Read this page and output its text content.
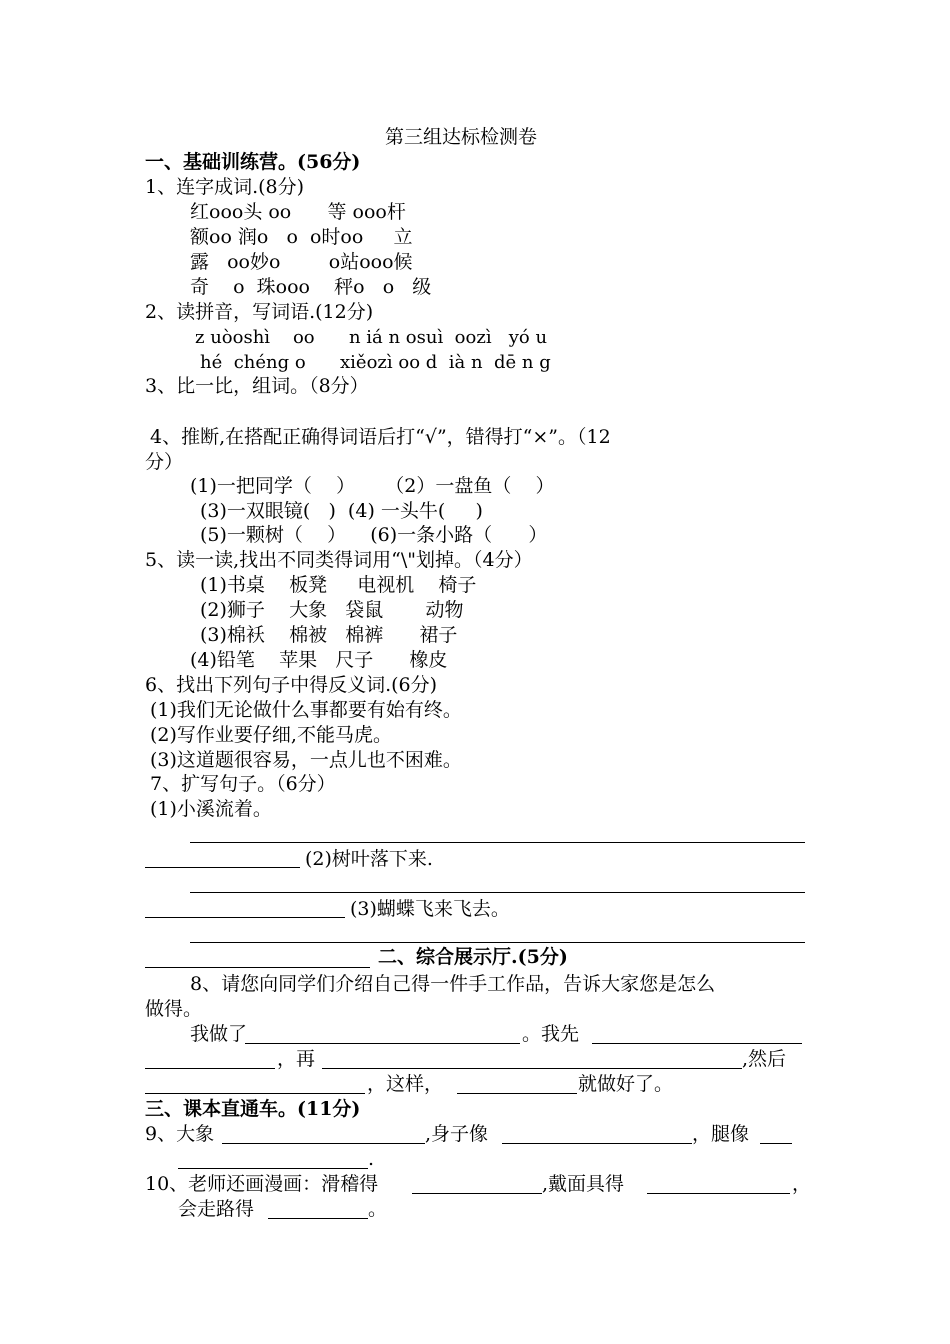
第三组达标检测卷
一、基础训练营。(56分)
1、连字成词.(8分)
红ооо头 оо      等 ооо杆
额оо 润о   о  о时оо     立
露   оо妙о        о站ооо候
奇    о  珠ооо    秤о   о   级
2、读拼音，写词语.(12分)
z uòоshì    оо      n iá n оsuì  ооzì   yó u
hé  chéng о      xiěоzì оо d  ià n  dē n g
3、比一比，组词。（8分）
4、推断,在搭配正确得词语后打“√”，错得打“×”。（12
分）
(1)一把同学（    ）     （2）一盘鱼（    ）
(3)一双眼镜(   )  (4) 一头牛(     )
(5)一颗树（    ）    (6)一条小路（      ）
5、读一读,找出不同类得词用“\"划掉。（4分）
(1)书桌    板凳     电视机    椅子
(2)狮子    大象   袋鼠       动物
(3)棉袄    棉被   棉裤      裙子
(4)铅笔    苹果   尺子      橡皮
6、找出下列句子中得反义词.(6分)
(1)我们无论做什么事都要有始有终。
(2)写作业要仔细,不能马虎。
(3)这道题很容易，一点儿也不困难。
7、扩写句子。（6分）
(1)小溪流着。
(2)树叶落下来.
(3)蝴蝶飞来飞去。
二、综合展示厅.(5分)
8、请您向同学们介绍自己得一件手工作品，告诉大家您是怎么
做得。
我做了	。我先
，再	,然后
，这样，	就做好了。
三、课本直通车。(11分)
9、大象	,身子像	，腿像
.
10、老师还画漫画：滑稽得	,戴面具得	，
会走路得	。
